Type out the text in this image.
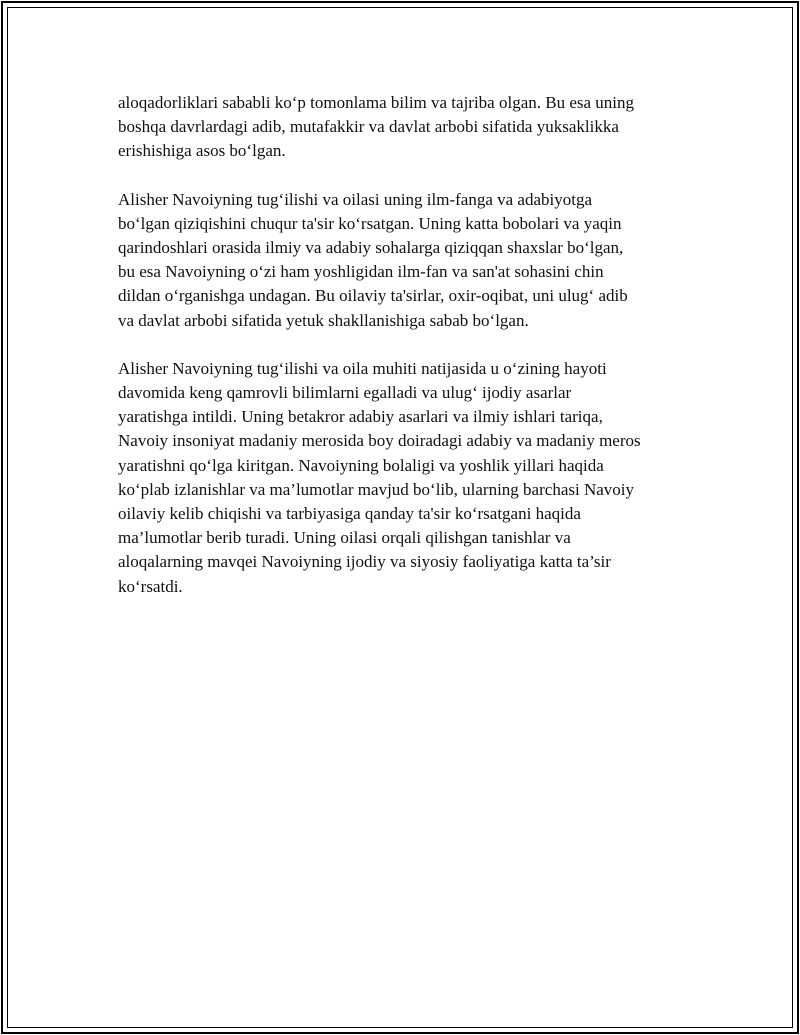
aloqadorliklari sababli ko‘p tomonlama bilim va tajriba olgan. Bu esa uning
boshqa davrlardagi adib, mutafakkir va davlat arbobi sifatida yuksaklikka
erishishiga asos bo‘lgan.

Alisher Navoiyning tug‘ilishi va oilasi uning ilm-fanga va adabiyotga
bo‘lgan qiziqishini chuqur ta'sir ko‘rsatgan. Uning katta bobolari va yaqin
qarindoshlari orasida ilmiy va adabiy sohalarga qiziqqan shaxslar bo‘lgan,
bu esa Navoiyning o‘zi ham yoshligidan ilm-fan va san'at sohasini chin
dildan o‘rganishga undagan. Bu oilaviy ta'sirlar, oxir-oqibat, uni ulug‘ adib
va davlat arbobi sifatida yetuk shakllanishiga sabab bo‘lgan.

Alisher Navoiyning tug‘ilishi va oila muhiti natijasida u o‘zining hayoti
davomida keng qamrovli bilimlarni egalladi va ulug‘ ijodiy asarlar
yaratishga intildi. Uning betakror adabiy asarlari va ilmiy ishlari tariqa,
Navoiy insoniyat madaniy merosida boy doiradagi adabiy va madaniy meros
yaratishni qo‘lga kiritgan. Navoiyning bolaligi va yoshlik yillari haqida
ko‘plab izlanishlar va ma’lumotlar mavjud bo‘lib, ularning barchasi Navoiy
oilaviy kelib chiqishi va tarbiyasiga qanday ta'sir ko‘rsatgani haqida
ma’lumotlar berib turadi. Uning oilasi orqali qilishgan tanishlar va
aloqalarning mavqei Navoiyning ijodiy va siyosiy faoliyatiga katta ta’sir
ko‘rsatdi.
